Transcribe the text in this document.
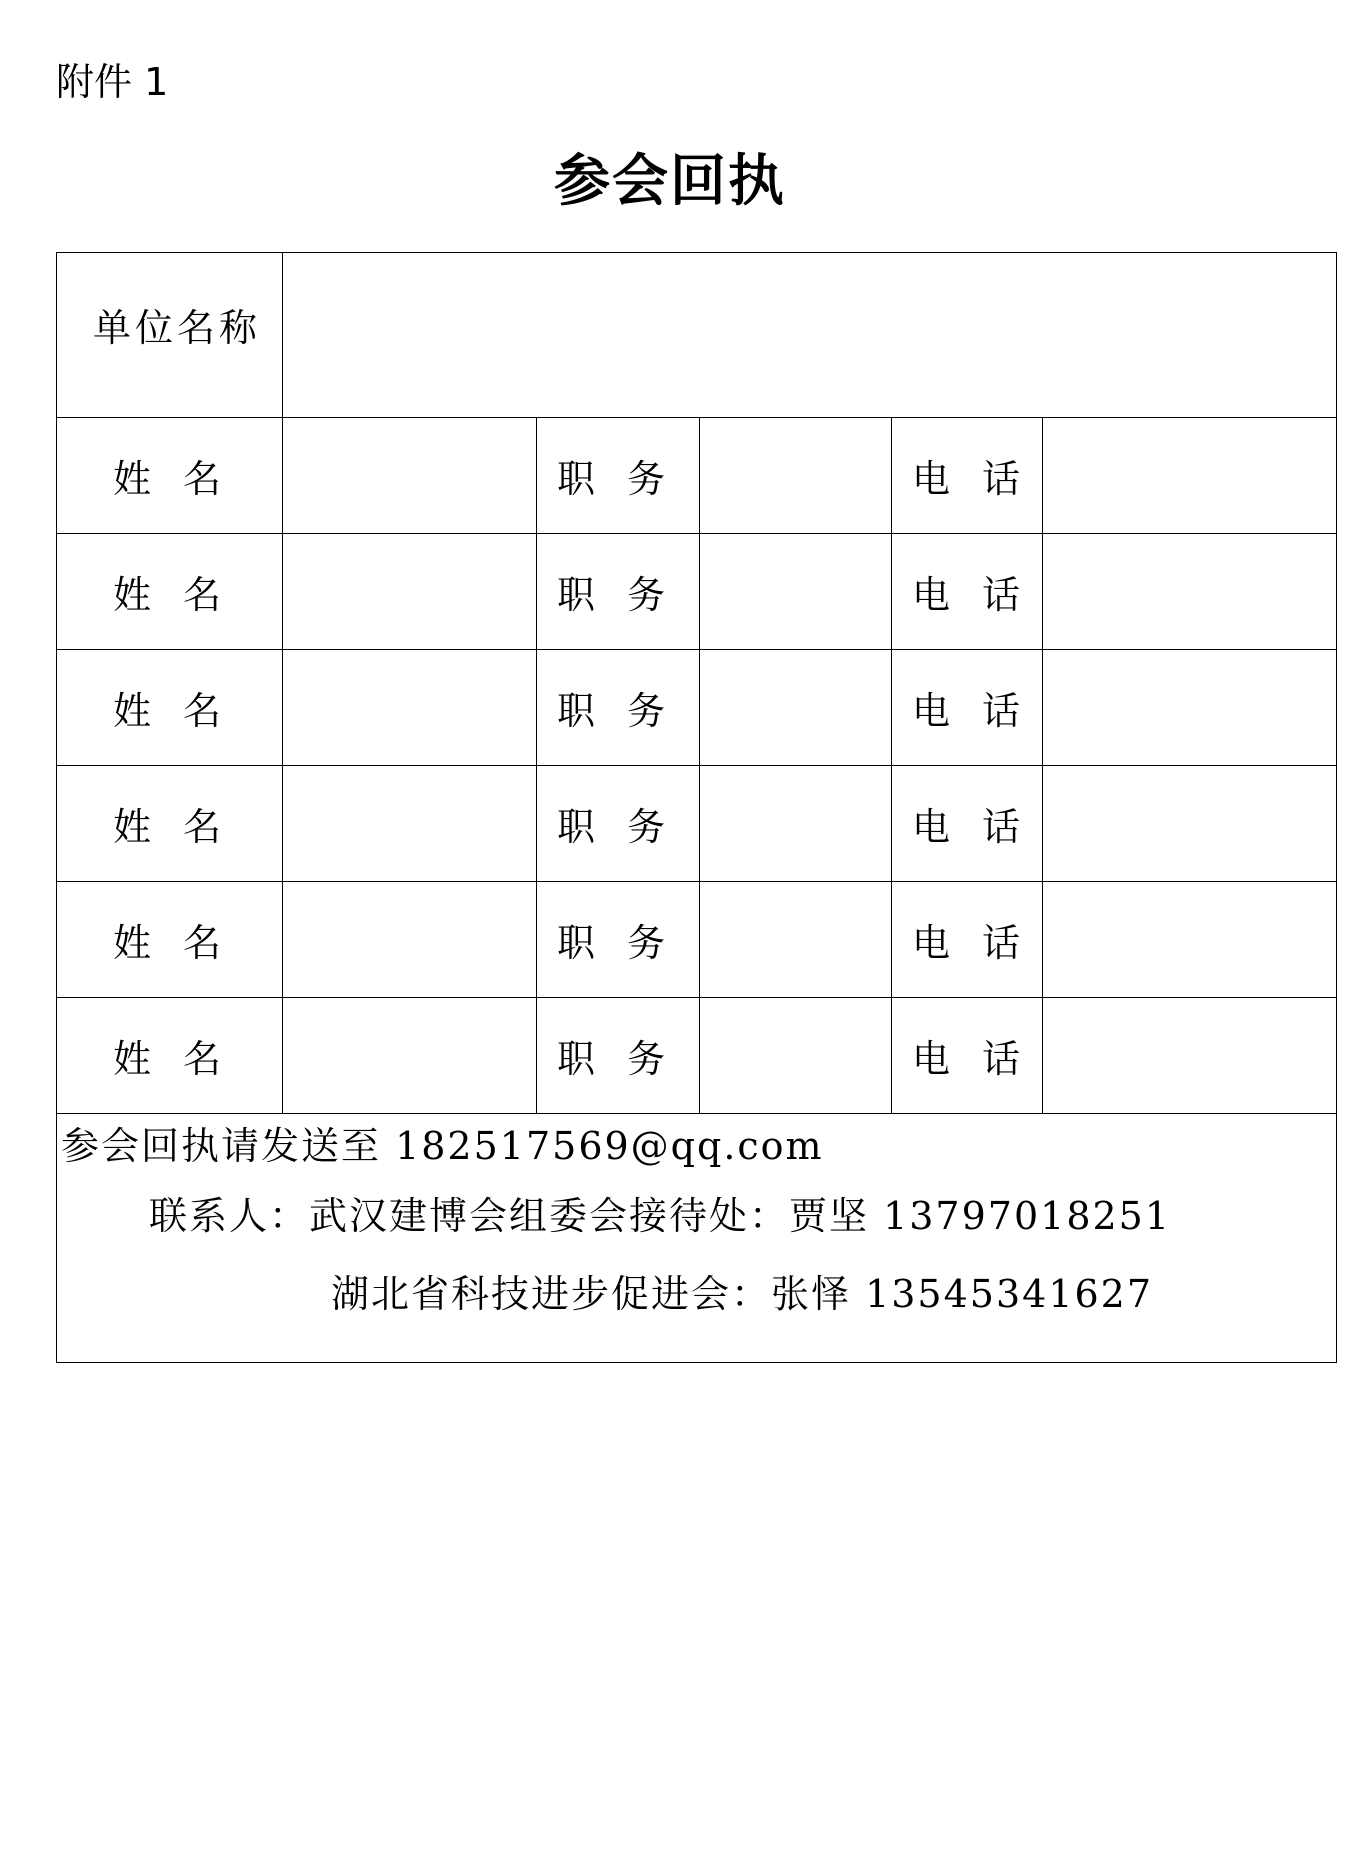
附件 1
参会回执
单位名称					
姓名		职务		电话	
姓名		职务		电话	
姓名		职务		电话	
姓名		职务		电话	
姓名		职务		电话	
姓名		职务		电话	

参会回执请发送至 182517569@qq.com
联系人：武汉建博会组委会接待处：贾坚 13797018251
湖北省科技进步促进会：张怿 13545341627					
